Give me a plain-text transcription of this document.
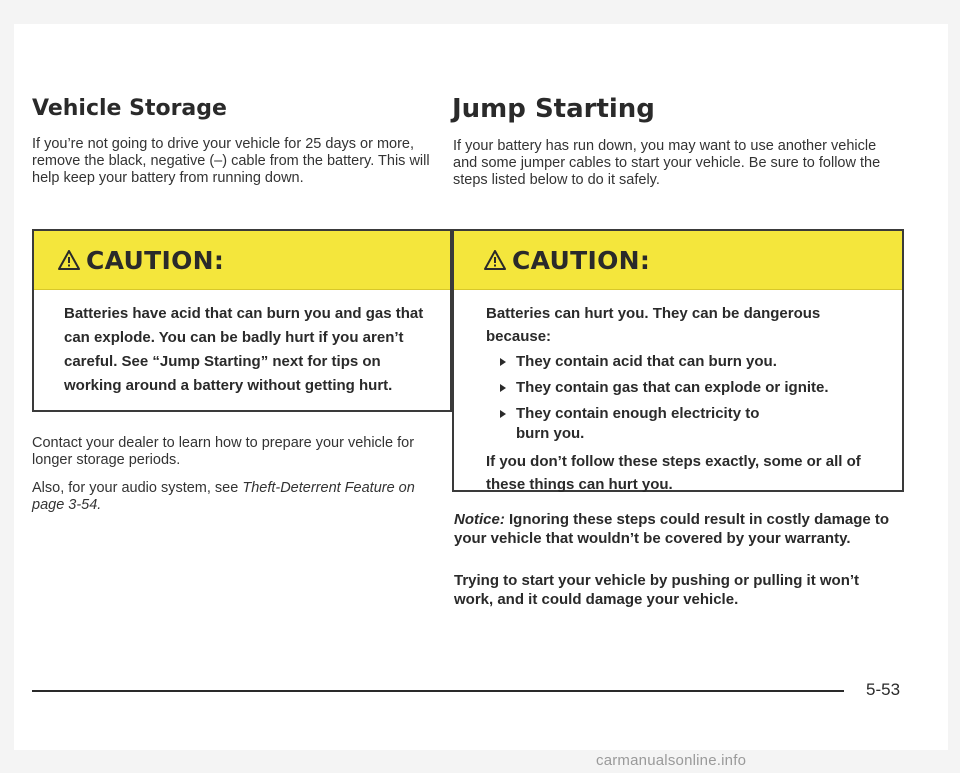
Vehicle Storage

If you’re not going to drive your vehicle for 25 days or more, remove the black, negative (–) cable from the battery. This will help keep your battery from running down.

CAUTION:

Batteries have acid that can burn you and gas that can explode. You can be badly hurt if you aren’t careful. See “Jump Starting” next for tips on working around a battery without getting hurt.

Contact your dealer to learn how to prepare your vehicle for longer storage periods.

Also, for your audio system, see Theft-Deterrent Feature on page 3-54.

Jump Starting

If your battery has run down, you may want to use another vehicle and some jumper cables to start your vehicle. Be sure to follow the steps listed below to do it safely.

CAUTION:

Batteries can hurt you. They can be dangerous because:

They contain acid that can burn you.
They contain gas that can explode or ignite.
They contain enough electricity to burn you.

If you don’t follow these steps exactly, some or all of these things can hurt you.

Notice: Ignoring these steps could result in costly damage to your vehicle that wouldn’t be covered by your warranty.

Trying to start your vehicle by pushing or pulling it won’t work, and it could damage your vehicle.

5-53
carmanualsonline.info
